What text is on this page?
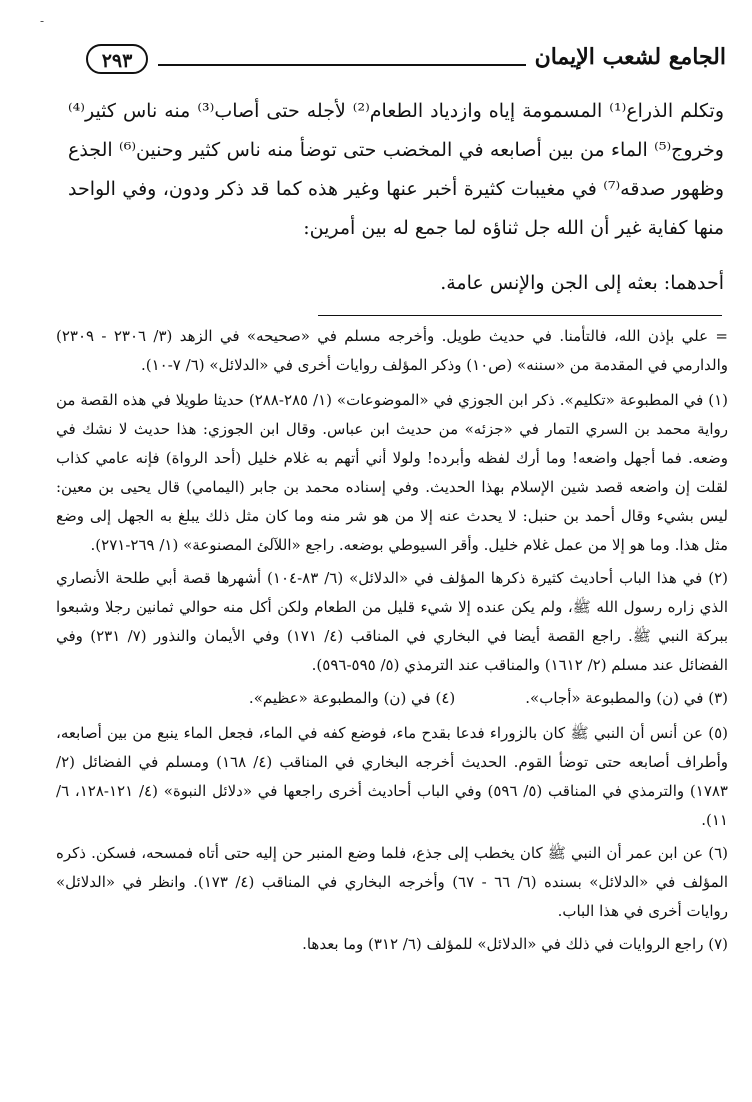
-
الجامع لشعب الإيمان
٢٩٣

وتكلم الذراع⁽¹⁾ المسمومة إياه وازدياد الطعام⁽²⁾ لأجله حتى أصاب⁽³⁾ منه ناس كثير⁽⁴⁾ وخروج⁽⁵⁾ الماء من بين أصابعه في المخضب حتى توضأ منه ناس كثير وحنين⁽⁶⁾ الجذع وظهور صدقه⁽⁷⁾ في مغيبات كثيرة أخبر عنها وغير هذه كما قد ذكر ودون، وفي الواحد منها كفاية غير أن الله جل ثناؤه لما جمع له بين أمرين:

أحدهما: بعثه إلى الجن والإنس عامة.

= علي بإذن الله، فالتأمنا. في حديث طويل. وأخرجه مسلم في «صحيحه» في الزهد (٣/ ٢٣٠٦ - ٢٣٠٩) والدارمي في المقدمة من «سننه» (ص١٠) وذكر المؤلف روايات أخرى في «الدلائل» (٦/ ٧-١٠).

(١) في المطبوعة «تكليم». ذكر ابن الجوزي في «الموضوعات» (١/ ٢٨٥-٢٨٨) حديثا طويلا في هذه القصة من رواية محمد بن السري التمار في «جزئه» من حديث ابن عباس. وقال ابن الجوزي: هذا حديث لا نشك في وضعه. فما أجهل واضعه! وما أرك لفظه وأبرده! ولولا أني أتهم به غلام خليل (أحد الرواة) فإنه عامي كذاب لقلت إن واضعه قصد شين الإسلام بهذا الحديث. وفي إسناده محمد بن جابر (اليمامي) قال يحيى بن معين: ليس بشيء وقال أحمد بن حنبل: لا يحدث عنه إلا من هو شر منه وما كان مثل ذلك يبلغ به الجهل إلى وضع مثل هذا. وما هو إلا من عمل غلام خليل. وأقر السيوطي بوضعه. راجع «اللآلئ المصنوعة» (١/ ٢٦٩-٢٧١).

(٢) في هذا الباب أحاديث كثيرة ذكرها المؤلف في «الدلائل» (٦/ ٨٣-١٠٤) أشهرها قصة أبي طلحة الأنصاري الذي زاره رسول الله ﷺ، ولم يكن عنده إلا شيء قليل من الطعام ولكن أكل منه حوالي ثمانين رجلا وشبعوا ببركة النبي ﷺ. راجع القصة أيضا في البخاري في المناقب (٤/ ١٧١) وفي الأيمان والنذور (٧/ ٢٣١) وفي الفضائل عند مسلم (٢/ ١٦١٢) والمناقب عند الترمذي (٥/ ٥٩٥-٥٩٦).

(٣) في (ن) والمطبوعة «أجاب».

(٤) في (ن) والمطبوعة «عظيم».

(٥) عن أنس أن النبي ﷺ كان بالزوراء فدعا بقدح ماء، فوضع كفه في الماء، فجعل الماء ينبع من بين أصابعه، وأطراف أصابعه حتى توضأ القوم. الحديث أخرجه البخاري في المناقب (٤/ ١٦٨) ومسلم في الفضائل (٢/ ١٧٨٣) والترمذي في المناقب (٥/ ٥٩٦) وفي الباب أحاديث أخرى راجعها في «دلائل النبوة» (٤/ ١٢١-١٢٨، ٦/ ١١).

(٦) عن ابن عمر أن النبي ﷺ كان يخطب إلى جذع، فلما وضع المنبر حن إليه حتى أتاه فمسحه، فسكن. ذكره المؤلف في «الدلائل» بسنده (٦/ ٦٦ - ٦٧) وأخرجه البخاري في المناقب (٤/ ١٧٣). وانظر في «الدلائل» روايات أخرى في هذا الباب.

(٧) راجع الروايات في ذلك في «الدلائل» للمؤلف (٦/ ٣١٢) وما بعدها.
